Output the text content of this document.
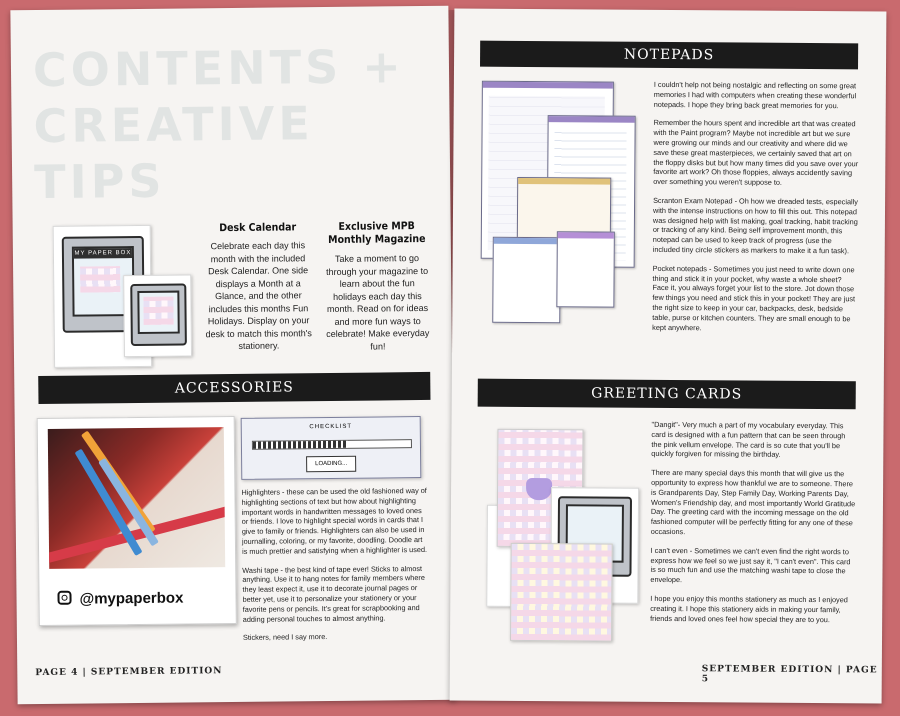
CONTENTS +
CREATIVE TIPS
MY PAPER BOX
Desk Calendar
Celebrate each day this month with the included Desk Calendar. One side displays a Month at a Glance, and the other includes this months Fun Holidays. Display on your desk to match this month's stationery.
Exclusive MPB
Monthly Magazine
Take a moment to go through your magazine to learn about the fun holidays each day this month. Read on for ideas and more fun ways to celebrate! Make everyday fun!
ACCESSORIES
@mypaperbox
CHECKLIST
LOADING...

Highlighters - these can be used the old fashioned way of highlighting sections of text but how about highlighting important words in handwritten messages to loved ones or friends. I love to highlight special words in cards that I give to family or friends. Highlighters can also be used in journalling, coloring, or my favorite, doodling. Doodle art is much prettier and satisfying when a highlighter is used.

Washi tape - the best kind of tape ever! Sticks to almost anything. Use it to hang notes for family members where they least expect it, use it to decorate journal pages or better yet, use it to personalize your stationery or your favorite pens or pencils. It's great for scrapbooking and adding personal touches to almost anything.

Stickers, need I say more.

PAGE 4 | SEPTEMBER EDITION
NOTEPADS

I couldn't help not being nostalgic and reflecting on some great memories I had with computers when creating these wonderful notepads. I hope they bring back great memories for you.

Remember the hours spent and incredible art that was created with the Paint program? Maybe not incredible art but we sure were growing our minds and our creativity and where did we save these great masterpieces, we certainly saved that art on the floppy disks but but how many times did you save over your favorite art work? Oh those floppies, always accidently saving over something you weren't suppose to.

Scranton Exam Notepad - Oh how we dreaded tests, especially with the intense instructions on how to fill this out. This notepad was designed help with list making, goal tracking, habit tracking or tracking of any kind. Being self improvement month, this notepad can be used to keep track of progress (use the included tiny circle stickers as markers to make it a fun task).

Pocket notepads - Sometimes you just need to write down one thing and stick it in your pocket, why waste a whole sheet? Face it, you always forget your list to the store. Jot down those few things you need and stick this in your pocket! They are just the right size to keep in your car, backpacks, desk, bedside table, purse or kitchen counters. They are small enough to be kept anywhere.

GREETING CARDS

"Dangit"- Very much a part of my vocabulary everyday. This card is designed with a fun pattern that can be seen through the pink vellum envelope. The card is so cute that you'll be quickly forgiven for missing the birthday.

There are many special days this month that will give us the opportunity to express how thankful we are to someone. There is Grandparents Day, Step Family Day, Working Parents Day, Women's Friendship day, and most importantly World Gratitude Day. The greeting card with the incoming message on the old fashioned computer will be perfectly fitting for any one of these occasions.

I can't even - Sometimes we can't even find the right words to express how we feel so we just say it, "I can't even". This card is so much fun and use the matching washi tape to close the envelope.

I hope you enjoy this months stationery as much as I enjoyed creating it. I hope this stationery aids in making your family, friends and loved ones feel how special they are to you.

SEPTEMBER EDITION | PAGE 5
